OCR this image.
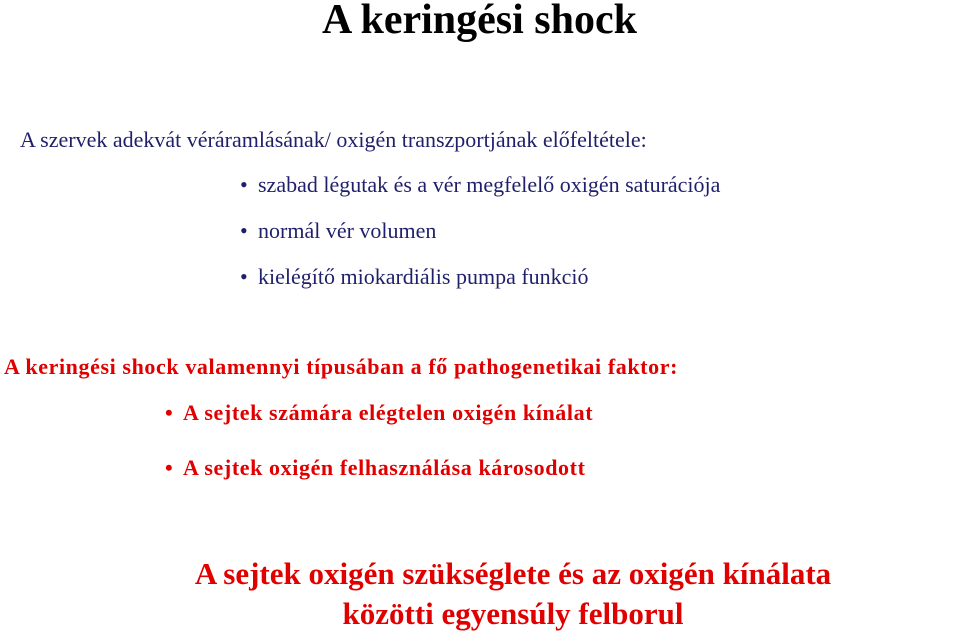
A keringési shock
A szervek adekvát véráramlásának/ oxigén transzportjának előfeltétele:
• szabad légutak és a vér megfelelő oxigén saturációja
• normál vér volumen
• kielégítő miokardiális pumpa funkció
A keringési shock valamennyi típusában a fő pathogenetikai faktor:
• A sejtek számára elégtelen oxigén kínálat
• A sejtek oxigén felhasználása károsodott
A sejtek oxigén szükséglete és az oxigén kínálata
közötti egyensúly felborul
